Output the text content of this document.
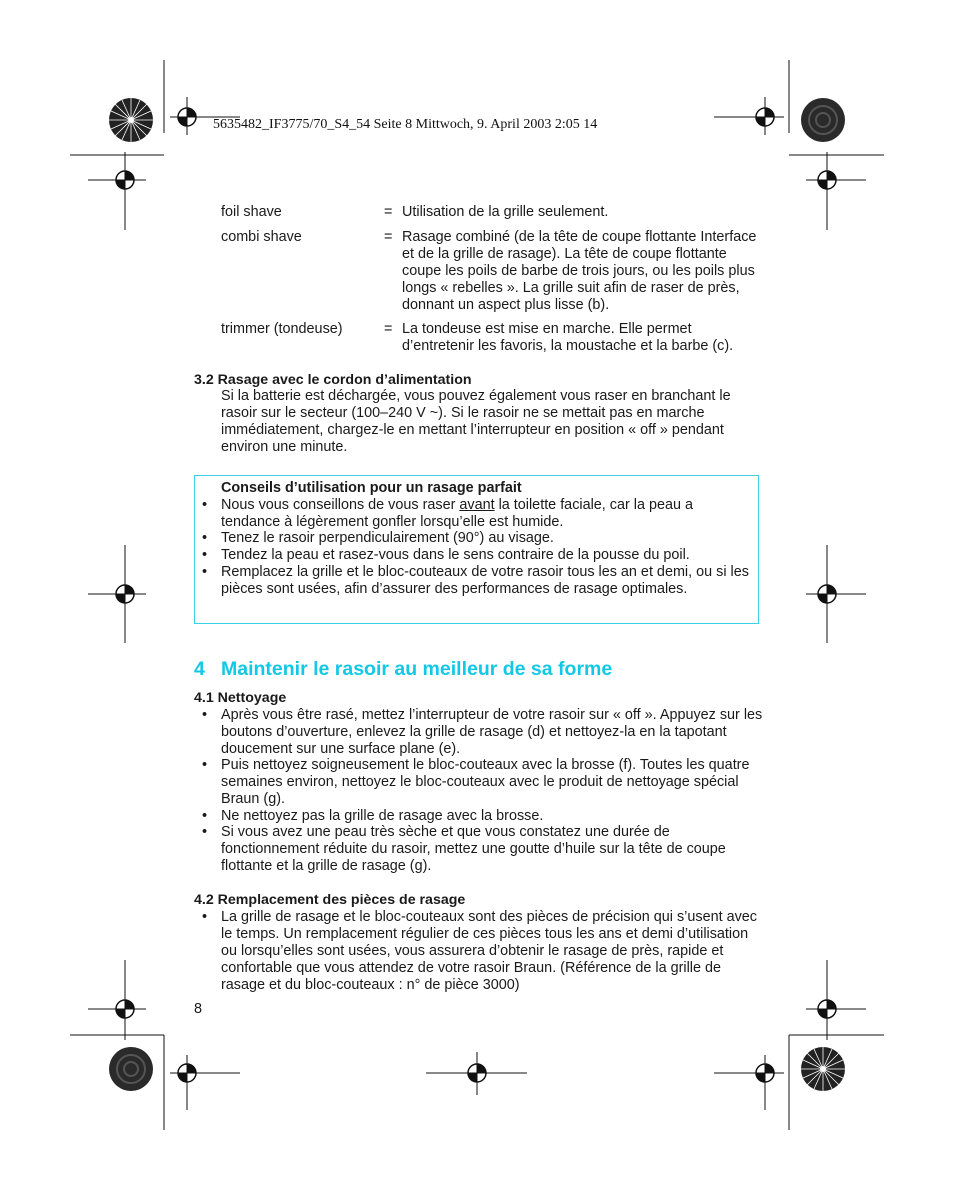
5635482_IF3775/70_S4_54 Seite 8 Mittwoch, 9. April 2003 2:05 14
foil shave	= Utilisation de la grille seulement.
combi shave	= Rasage combiné (de la tête de coupe flottante Interface et de la grille de rasage). La tête de coupe flottante coupe les poils de barbe de trois jours, ou les poils plus longs « rebelles ». La grille suit afin de raser de près, donnant un aspect plus lisse (b).
trimmer (tondeuse)	= La tondeuse est mise en marche. Elle permet d’entretenir les favoris, la moustache et la barbe (c).
3.2 Rasage avec le cordon d’alimentation
Si la batterie est déchargée, vous pouvez également vous raser en branchant le rasoir sur le secteur (100–240 V ~). Si le rasoir ne se mettait pas en marche immédiatement, chargez-le en mettant l’interrupteur en position « off » pendant environ une minute.
Conseils d’utilisation pour un rasage parfait
• Nous vous conseillons de vous raser avant la toilette faciale, car la peau a tendance à légèrement gonfler lorsqu’elle est humide.
• Tenez le rasoir perpendiculairement (90°) au visage.
• Tendez la peau et rasez-vous dans le sens contraire de la pousse du poil.
• Remplacez la grille et le bloc-couteaux de votre rasoir tous les an et demi, ou si les pièces sont usées, afin d’assurer des performances de rasage optimales.
4 Maintenir le rasoir au meilleur de sa forme
4.1 Nettoyage
• Après vous être rasé, mettez l’interrupteur de votre rasoir sur « off ». Appuyez sur les boutons d’ouverture, enlevez la grille de rasage (d) et nettoyez-la en la tapotant doucement sur une surface plane (e).
• Puis nettoyez soigneusement le bloc-couteaux avec la brosse (f). Toutes les quatre semaines environ, nettoyez le bloc-couteaux avec le produit de nettoyage spécial Braun (g).
• Ne nettoyez pas la grille de rasage avec la brosse.
• Si vous avez une peau très sèche et que vous constatez une durée de fonctionnement réduite du rasoir, mettez une goutte d’huile sur la tête de coupe flottante et la grille de rasage (g).
4.2 Remplacement des pièces de rasage
• La grille de rasage et le bloc-couteaux sont des pièces de précision qui s’usent avec le temps. Un remplacement régulier de ces pièces tous les ans et demi d’utilisation ou lorsqu’elles sont usées, vous assurera d’obtenir le rasage de près, rapide et confortable que vous attendez de votre rasoir Braun. (Référence de la grille de rasage et du bloc-couteaux : n° de pièce 3000)
8
